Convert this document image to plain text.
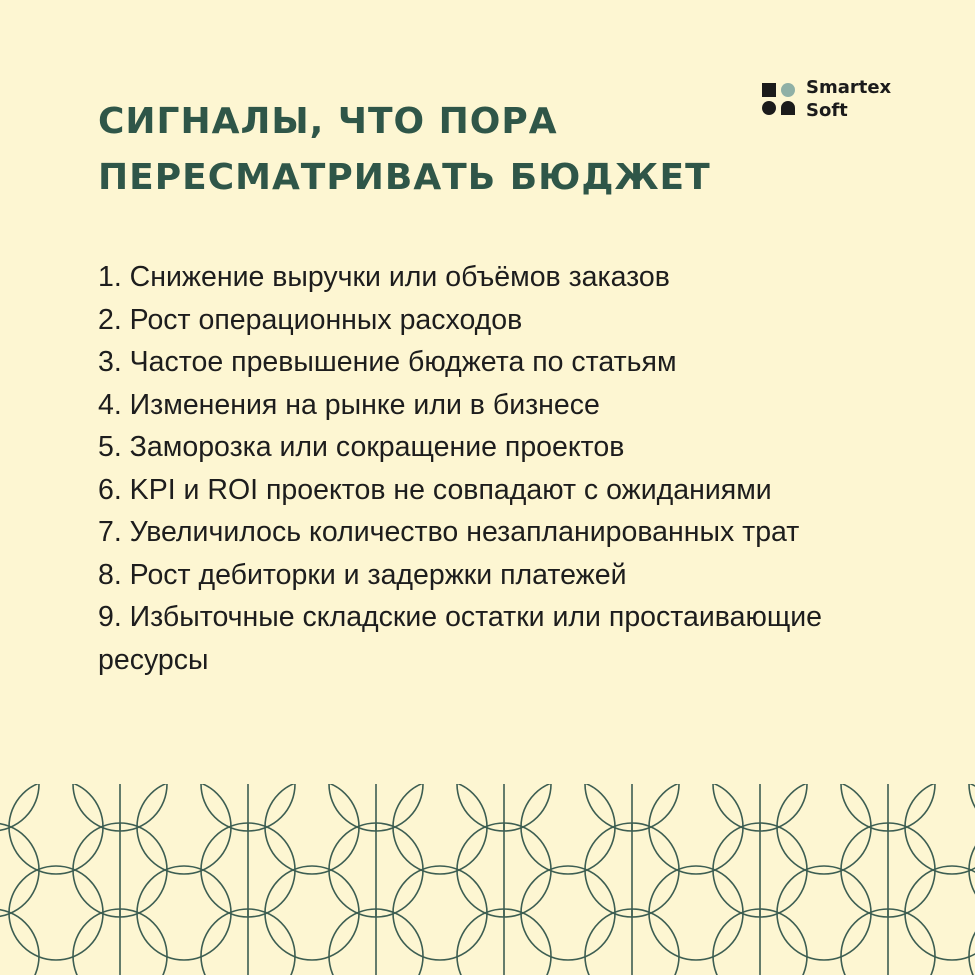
СИГНАЛЫ, ЧТО ПОРА
ПЕРЕСМАТРИВАТЬ БЮДЖЕТ
Smartex
Soft
1. Снижение выручки или объёмов заказов
2. Рост операционных расходов
3. Частое превышение бюджета по статьям
4. Изменения на рынке или в бизнесе
5. Заморозка или сокращение проектов
6. KPI и ROI проектов не совпадают с ожиданиями
7. Увеличилось количество незапланированных трат
8. Рост дебиторки и задержки платежей
9. Избыточные складские остатки или простаивающие ресурсы
